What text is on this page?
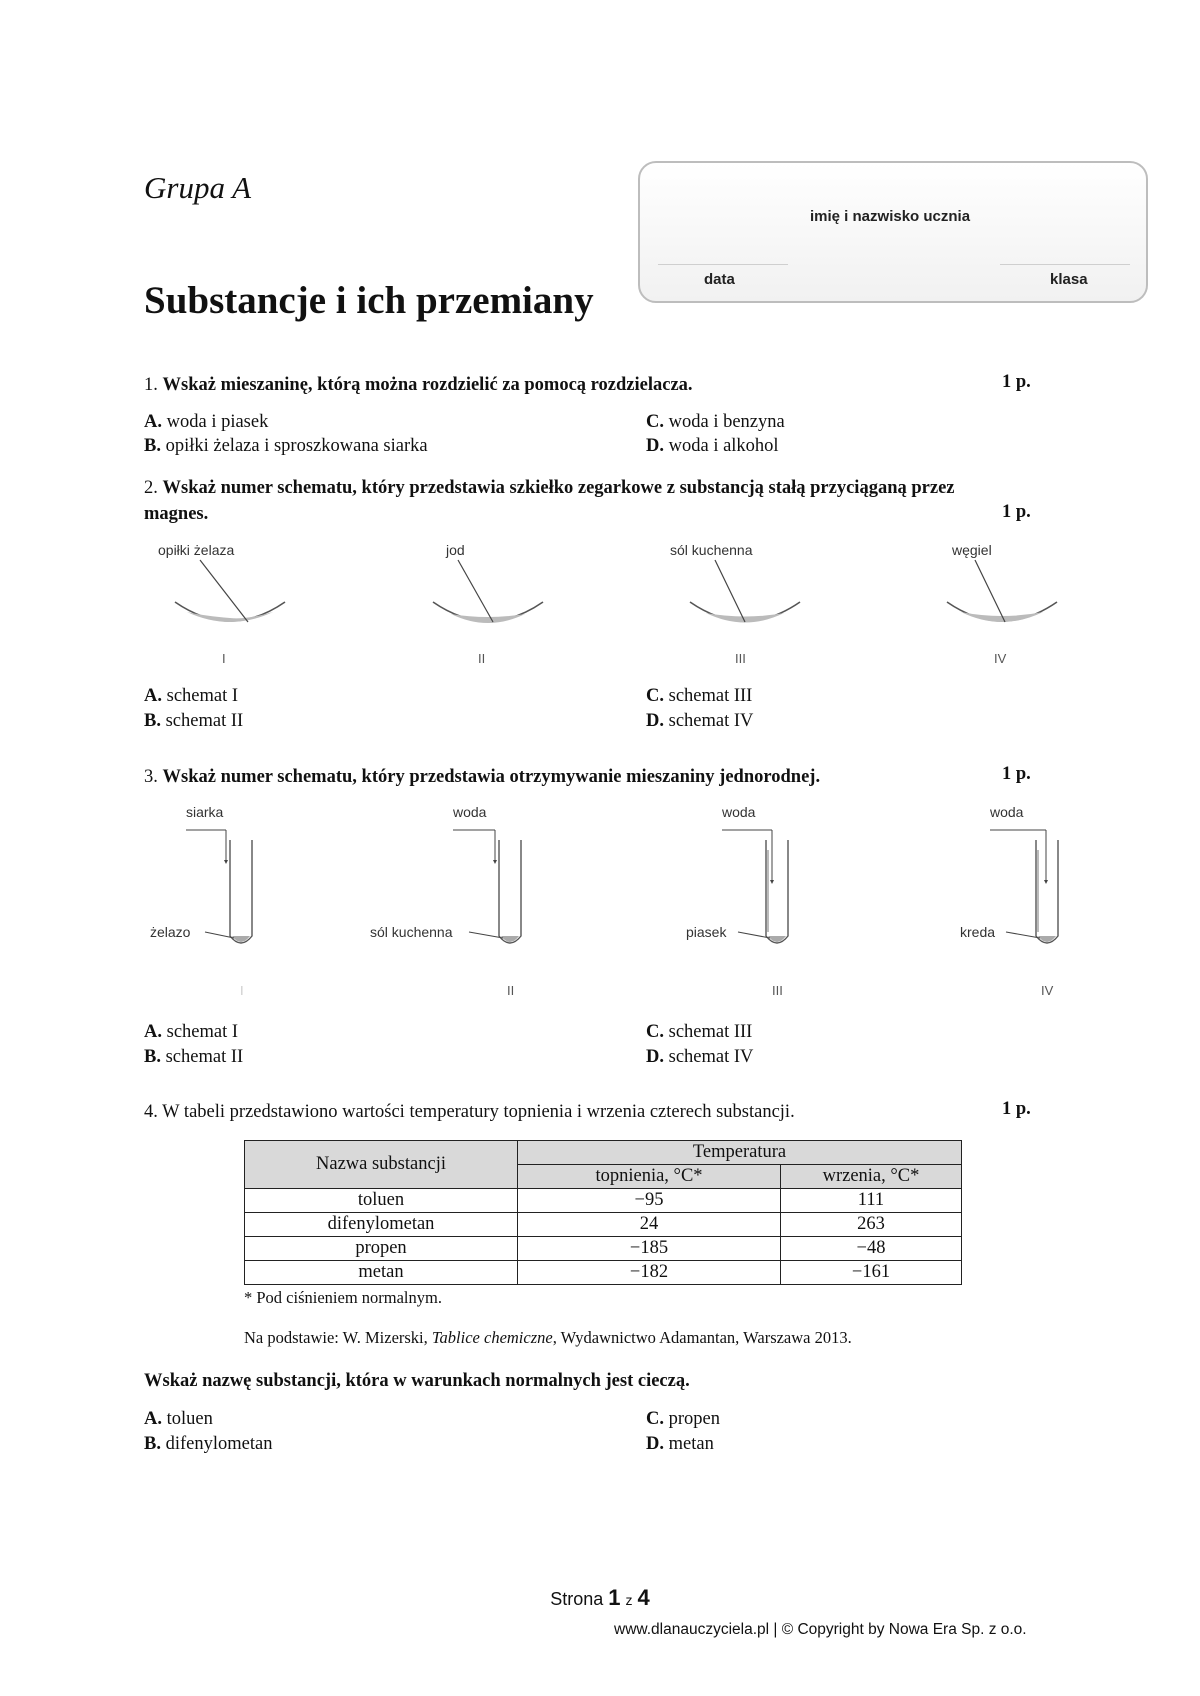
Grupa A
Substancje i ich przemiany
imię i nazwisko ucznia
data	klasa
1. Wskaż mieszaninę, którą można rozdzielić za pomocą rozdzielacza.	1 p.
A. woda i piasek
B. opiłki żelaza i sproszkowana siarka
C. woda i benzyna
D. woda i alkohol
2. Wskaż numer schematu, który przedstawia szkiełko zegarkowe z substancją stałą przyciąganą przez
magnes.	1 p.
opiłki żelaza	jod	sól kuchenna	węgiel
I	II	III	IV
A. schemat I
B. schemat II
C. schemat III
D. schemat IV
3. Wskaż numer schematu, który przedstawia otrzymywanie mieszaniny jednorodnej.	1 p.
siarka	woda	woda	woda
żelazo	sól kuchenna	piasek	kreda
I	II	III	IV
A. schemat I
B. schemat II
C. schemat III
D. schemat IV
4. W tabeli przedstawiono wartości temperatury topnienia i wrzenia czterech substancji.	1 p.
Nazwa substancji	Temperatura	
	topnienia, °C*	wrzenia, °C*
toluen	−95	111
difenylometan	24	263
propen	−185	−48
metan	−182	−161
* Pod ciśnieniem normalnym.
Na podstawie: W. Mizerski, Tablice chemiczne, Wydawnictwo Adamantan, Warszawa 2013.
Wskaż nazwę substancji, która w warunkach normalnych jest cieczą.
A. toluen
B. difenylometan
C. propen
D. metan
Strona 1 z 4
www.dlanauczyciela.pl | © Copyright by Nowa Era Sp. z o.o.
